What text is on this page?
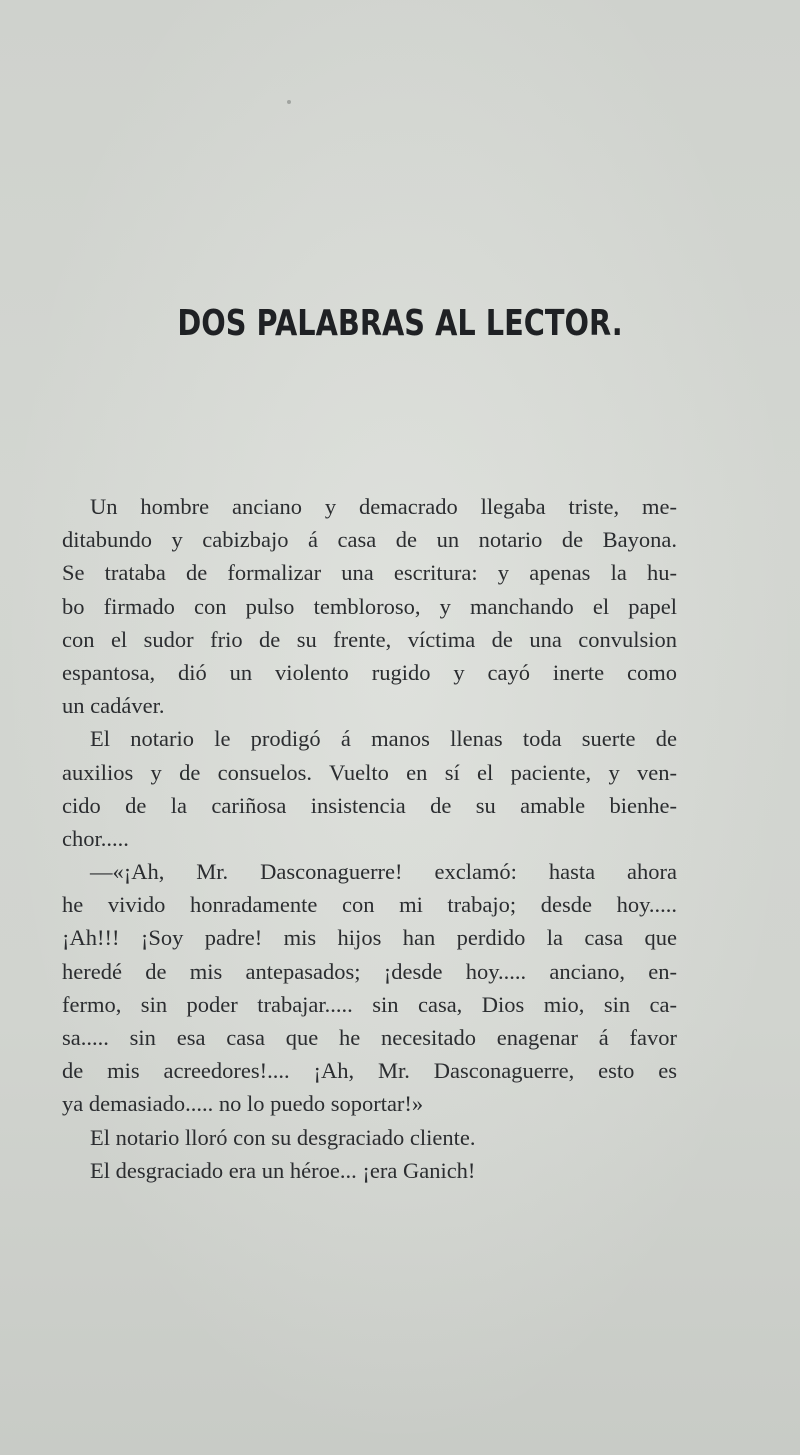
DOS PALABRAS AL LECTOR.
Un hombre anciano y demacrado llegaba triste, me-
ditabundo y cabizbajo á casa de un notario de Bayona.
Se trataba de formalizar una escritura: y apenas la hu-
bo firmado con pulso tembloroso, y manchando el papel
con el sudor frio de su frente, víctima de una convulsion
espantosa, dió un violento rugido y cayó inerte como
un cadáver.
El notario le prodigó á manos llenas toda suerte de
auxilios y de consuelos. Vuelto en sí el paciente, y ven-
cido de la cariñosa insistencia de su amable bienhe-
chor.....
—«¡Ah, Mr. Dasconaguerre! exclamó: hasta ahora
he vivido honradamente con mi trabajo; desde hoy.....
¡Ah!!! ¡Soy padre! mis hijos han perdido la casa que
heredé de mis antepasados; ¡desde hoy..... anciano, en-
fermo, sin poder trabajar..... sin casa, Dios mio, sin ca-
sa..... sin esa casa que he necesitado enagenar á favor
de mis acreedores!.... ¡Ah, Mr. Dasconaguerre, esto es
ya demasiado..... no lo puedo soportar!»
El notario lloró con su desgraciado cliente.
El desgraciado era un héroe... ¡era Ganich!
